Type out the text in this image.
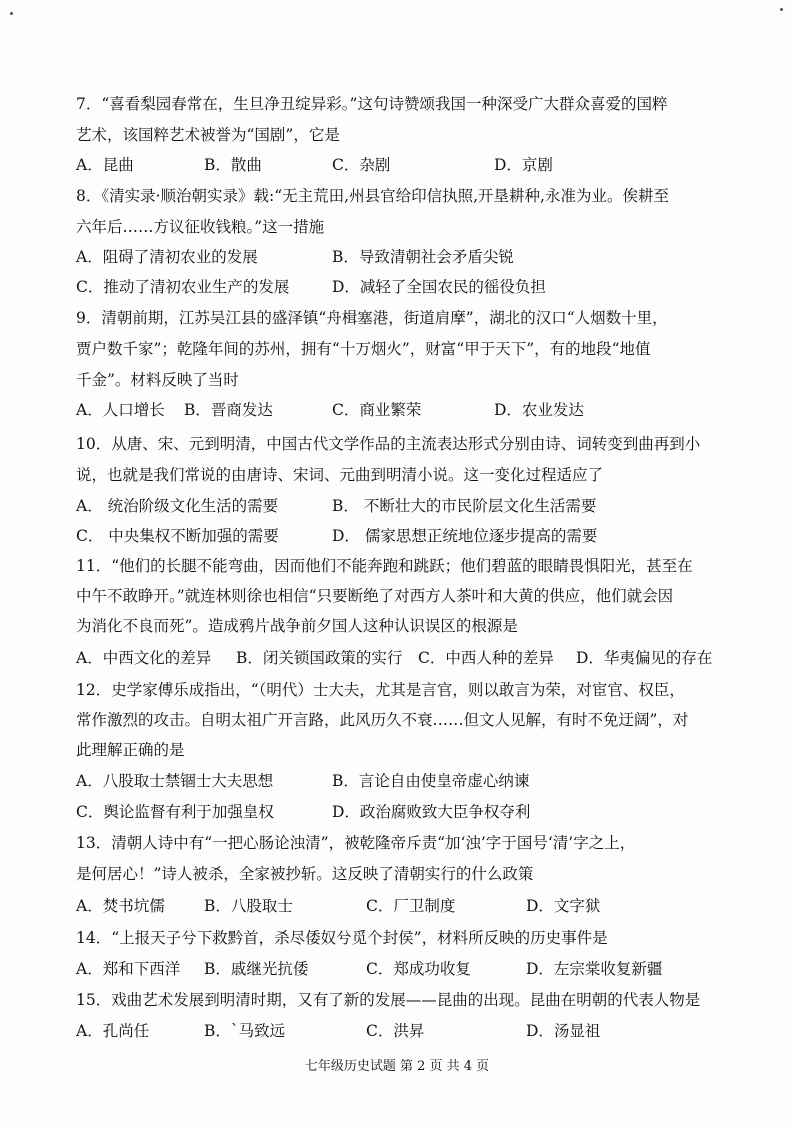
7．“喜看梨园春常在，生旦净丑绽异彩。”这句诗赞颂我国一种深受广大群众喜爱的国粹
艺术，该国粹艺术被誉为“国剧”，它是
A．昆曲	B．散曲	C．杂剧	D．京剧
8．《清实录·顺治朝实录》载:“无主荒田,州县官给印信执照,开垦耕种,永准为业。俟耕至
六年后……方议征收钱粮。”这一措施
A．阻碍了清初农业的发展	B．导致清朝社会矛盾尖锐
C．推动了清初农业生产的发展	D．减轻了全国农民的徭役负担
9．清朝前期，江苏吴江县的盛泽镇“舟楫塞港，街道肩摩”，湖北的汉口“人烟数十里，
贾户数千家”；乾隆年间的苏州，拥有“十万烟火”，财富“甲于天下”，有的地段“地值
千金”。材料反映了当时
A．人口增长 B．晋商发达	C．商业繁荣	D．农业发达
10．从唐、宋、元到明清，中国古代文学作品的主流表达形式分别由诗、词转变到曲再到小
说，也就是我们常说的由唐诗、宋词、元曲到明清小说。这一变化过程适应了
A． 统治阶级文化生活的需要	B． 不断壮大的市民阶层文化生活需要
C． 中央集权不断加强的需要	D． 儒家思想正统地位逐步提高的需要
11．“他们的长腿不能弯曲，因而他们不能奔跑和跳跃；他们碧蓝的眼睛畏惧阳光，甚至在
中午不敢睁开。”就连林则徐也相信“只要断绝了对西方人茶叶和大黄的供应，他们就会因
为消化不良而死”。造成鸦片战争前夕国人这种认识误区的根源是
A．中西文化的差异 B．闭关锁国政策的实行 C．中西人种的差异 D．华夷偏见的存在
12．史学家傅乐成指出，“（明代）士大夫，尤其是言官，则以敢言为荣，对宦官、权臣，
常作激烈的攻击。自明太祖广开言路，此风历久不衰……但文人见解，有时不免迂阔”，对
此理解正确的是
A．八股取士禁锢士大夫思想	B．言论自由使皇帝虚心纳谏
C．舆论监督有利于加强皇权	D．政治腐败致大臣争权夺利
13．清朝人诗中有“一把心肠论浊清”，被乾隆帝斥责“加‘浊’字于国号‘清’字之上，
是何居心！”诗人被杀，全家被抄斩。这反映了清朝实行的什么政策
A．焚书坑儒	B．八股取士	C．厂卫制度	D．文字狱
14．“上报天子兮下救黔首，杀尽倭奴兮觅个封侯”，材料所反映的历史事件是
A．郑和下西洋 B．戚继光抗倭	C．郑成功收复	D．左宗棠收复新疆
15．戏曲艺术发展到明清时期，又有了新的发展——昆曲的出现。昆曲在明朝的代表人物是
A．孔尚任	B．`马致远	C．洪昇	D．汤显祖
七年级历史试题 第 2 页 共 4 页
